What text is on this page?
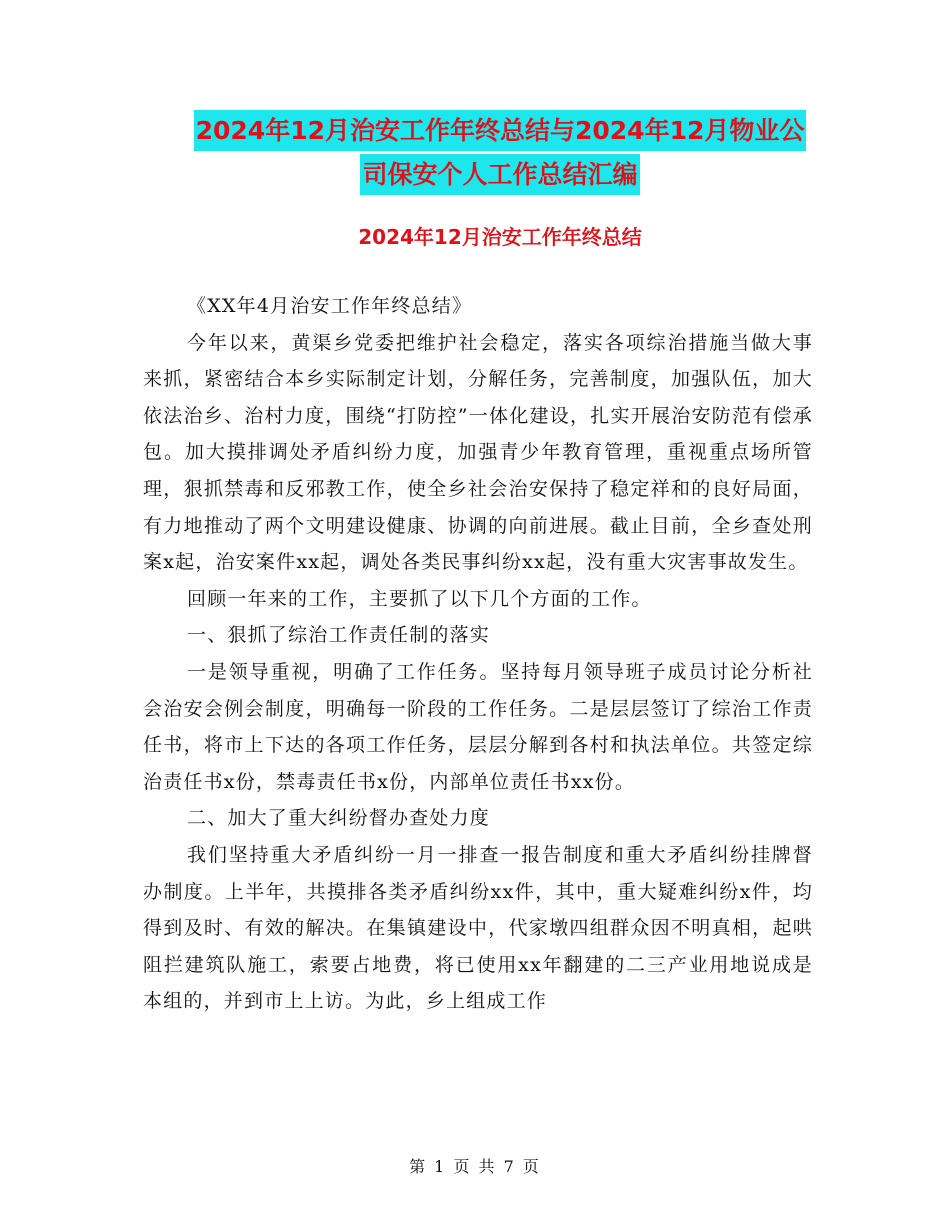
2024年12月治安工作年终总结与2024年12月物业公
司保安个人工作总结汇编
2024年12月治安工作年终总结

《XX年4月治安工作年终总结》

今年以来，黄渠乡党委把维护社会稳定，落实各项综治措施当做大事来抓，紧密结合本乡实际制定计划，分解任务，完善制度，加强队伍，加大依法治乡、治村力度，围绕“打防控”一体化建设，扎实开展治安防范有偿承包。加大摸排调处矛盾纠纷力度，加强青少年教育管理，重视重点场所管理，狠抓禁毒和反邪教工作，使全乡社会治安保持了稳定祥和的良好局面，有力地推动了两个文明建设健康、协调的向前进展。截止目前，全乡查处刑案x起，治安案件xx起，调处各类民事纠纷xx起，没有重大灾害事故发生。

回顾一年来的工作，主要抓了以下几个方面的工作。

一、狠抓了综治工作责任制的落实

一是领导重视，明确了工作任务。坚持每月领导班子成员讨论分析社会治安会例会制度，明确每一阶段的工作任务。二是层层签订了综治工作责任书，将市上下达的各项工作任务，层层分解到各村和执法单位。共签定综治责任书x份，禁毒责任书x份，内部单位责任书xx份。

二、加大了重大纠纷督办查处力度

我们坚持重大矛盾纠纷一月一排查一报告制度和重大矛盾纠纷挂牌督办制度。上半年，共摸排各类矛盾纠纷xx件，其中，重大疑难纠纷x件，均得到及时、有效的解决。在集镇建设中，代家墩四组群众因不明真相，起哄阻拦建筑队施工，索要占地费，将已使用xx年翻建的二三产业用地说成是本组的，并到市上上访。为此，乡上组成工作

第 1 页 共 7 页
